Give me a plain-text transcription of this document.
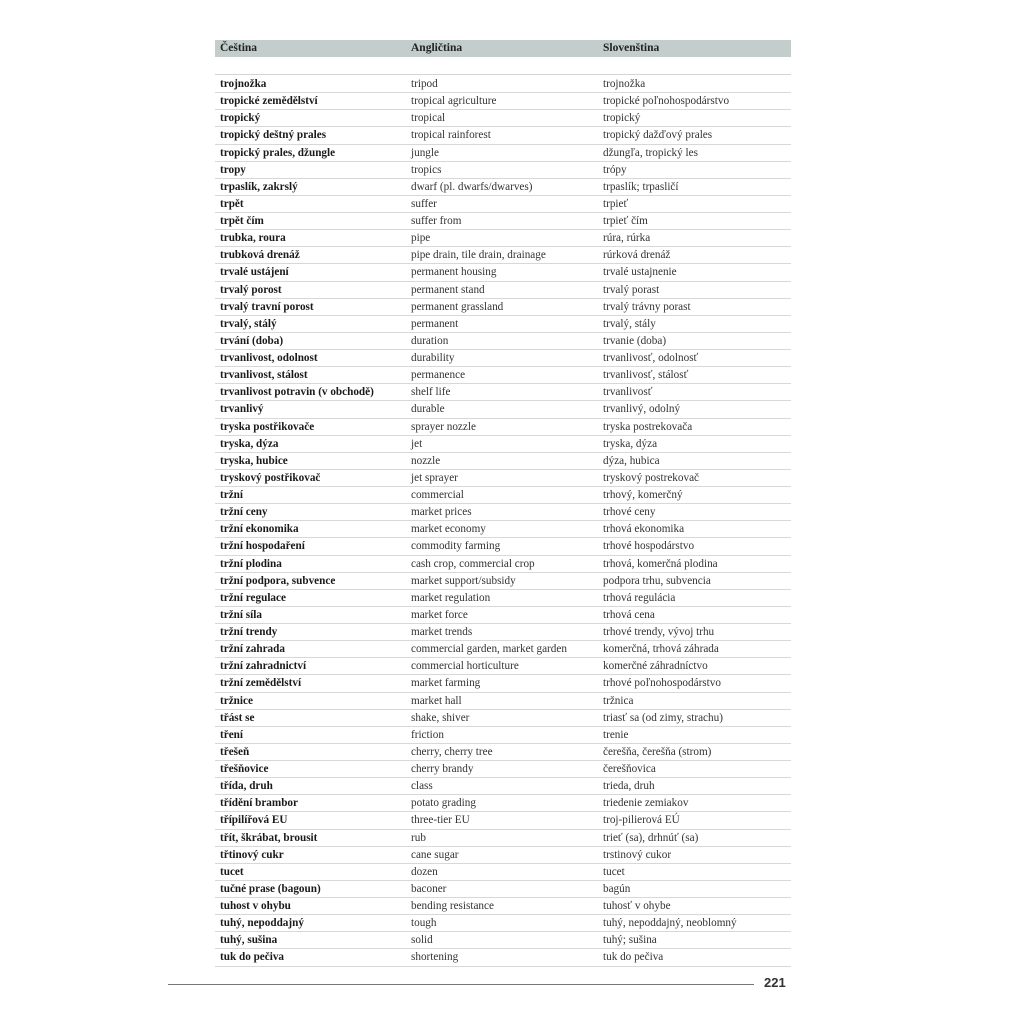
Čeština	Angličtina	Slovenština
trojnožka	tripod	trojnožka
tropické zemědělství	tropical agriculture	tropické poľnohospodárstvo
tropický	tropical	tropický
tropický deštný prales	tropical rainforest	tropický dažďový prales
tropický prales, džungle	jungle	džungľa, tropický les
tropy	tropics	trópy
trpaslík, zakrslý	dwarf (pl. dwarfs/dwarves)	trpaslík; trpasličí
trpět	suffer	trpieť
trpět čím	suffer from	trpieť čím
trubka, roura	pipe	rúra, rúrka
trubková drenáž	pipe drain, tile drain, drainage	rúrková drenáž
trvalé ustájení	permanent housing	trvalé ustajnenie
trvalý porost	permanent stand	trvalý porast
trvalý travní porost	permanent grassland	trvalý trávny porast
trvalý, stálý	permanent	trvalý, stály
trvání (doba)	duration	trvanie (doba)
trvanlivost, odolnost	durability	trvanlivosť, odolnosť
trvanlivost, stálost	permanence	trvanlivosť, stálosť
trvanlivost potravin (v obchodě)	shelf life	trvanlivosť
trvanlivý	durable	trvanlivý, odolný
tryska postřikovače	sprayer nozzle	tryska postrekovača
tryska, dýza	jet	tryska, dýza
tryska, hubice	nozzle	dýza, hubica
tryskový postřikovač	jet sprayer	tryskový postrekovač
tržní	commercial	trhový, komerčný
tržní ceny	market prices	trhové ceny
tržní ekonomika	market economy	trhová ekonomika
tržní hospodaření	commodity farming	trhové hospodárstvo
tržní plodina	cash crop, commercial crop	trhová, komerčná plodina
tržní podpora, subvence	market support/subsidy	podpora trhu, subvencia
tržní regulace	market regulation	trhová regulácia
tržní síla	market force	trhová cena
tržní trendy	market trends	trhové trendy, vývoj trhu
tržní zahrada	commercial garden, market garden	komerčná, trhová záhrada
tržní zahradnictví	commercial horticulture	komerčné záhradníctvo
tržní zemědělství	market farming	trhové poľnohospodárstvo
tržnice	market hall	tržnica
třást se	shake, shiver	triasť sa (od zimy, strachu)
tření	friction	trenie
třešeň	cherry, cherry tree	čerešňa, čerešňa (strom)
třešňovice	cherry brandy	čerešňovica
třída, druh	class	trieda, druh
třídění brambor	potato grading	triedenie zemiakov
třípilířová EU	three-tier EU	troj-pilierová EÚ
třít, škrábat, brousit	rub	trieť (sa), drhnúť (sa)
třtinový cukr	cane sugar	trstinový cukor
tucet	dozen	tucet
tučné prase (bagoun)	baconer	bagún
tuhost v ohybu	bending resistance	tuhosť v ohybe
tuhý, nepoddajný	tough	tuhý, nepoddajný, neoblomný
tuhý, sušina	solid	tuhý; sušina
tuk do pečiva	shortening	tuk do pečiva
221
